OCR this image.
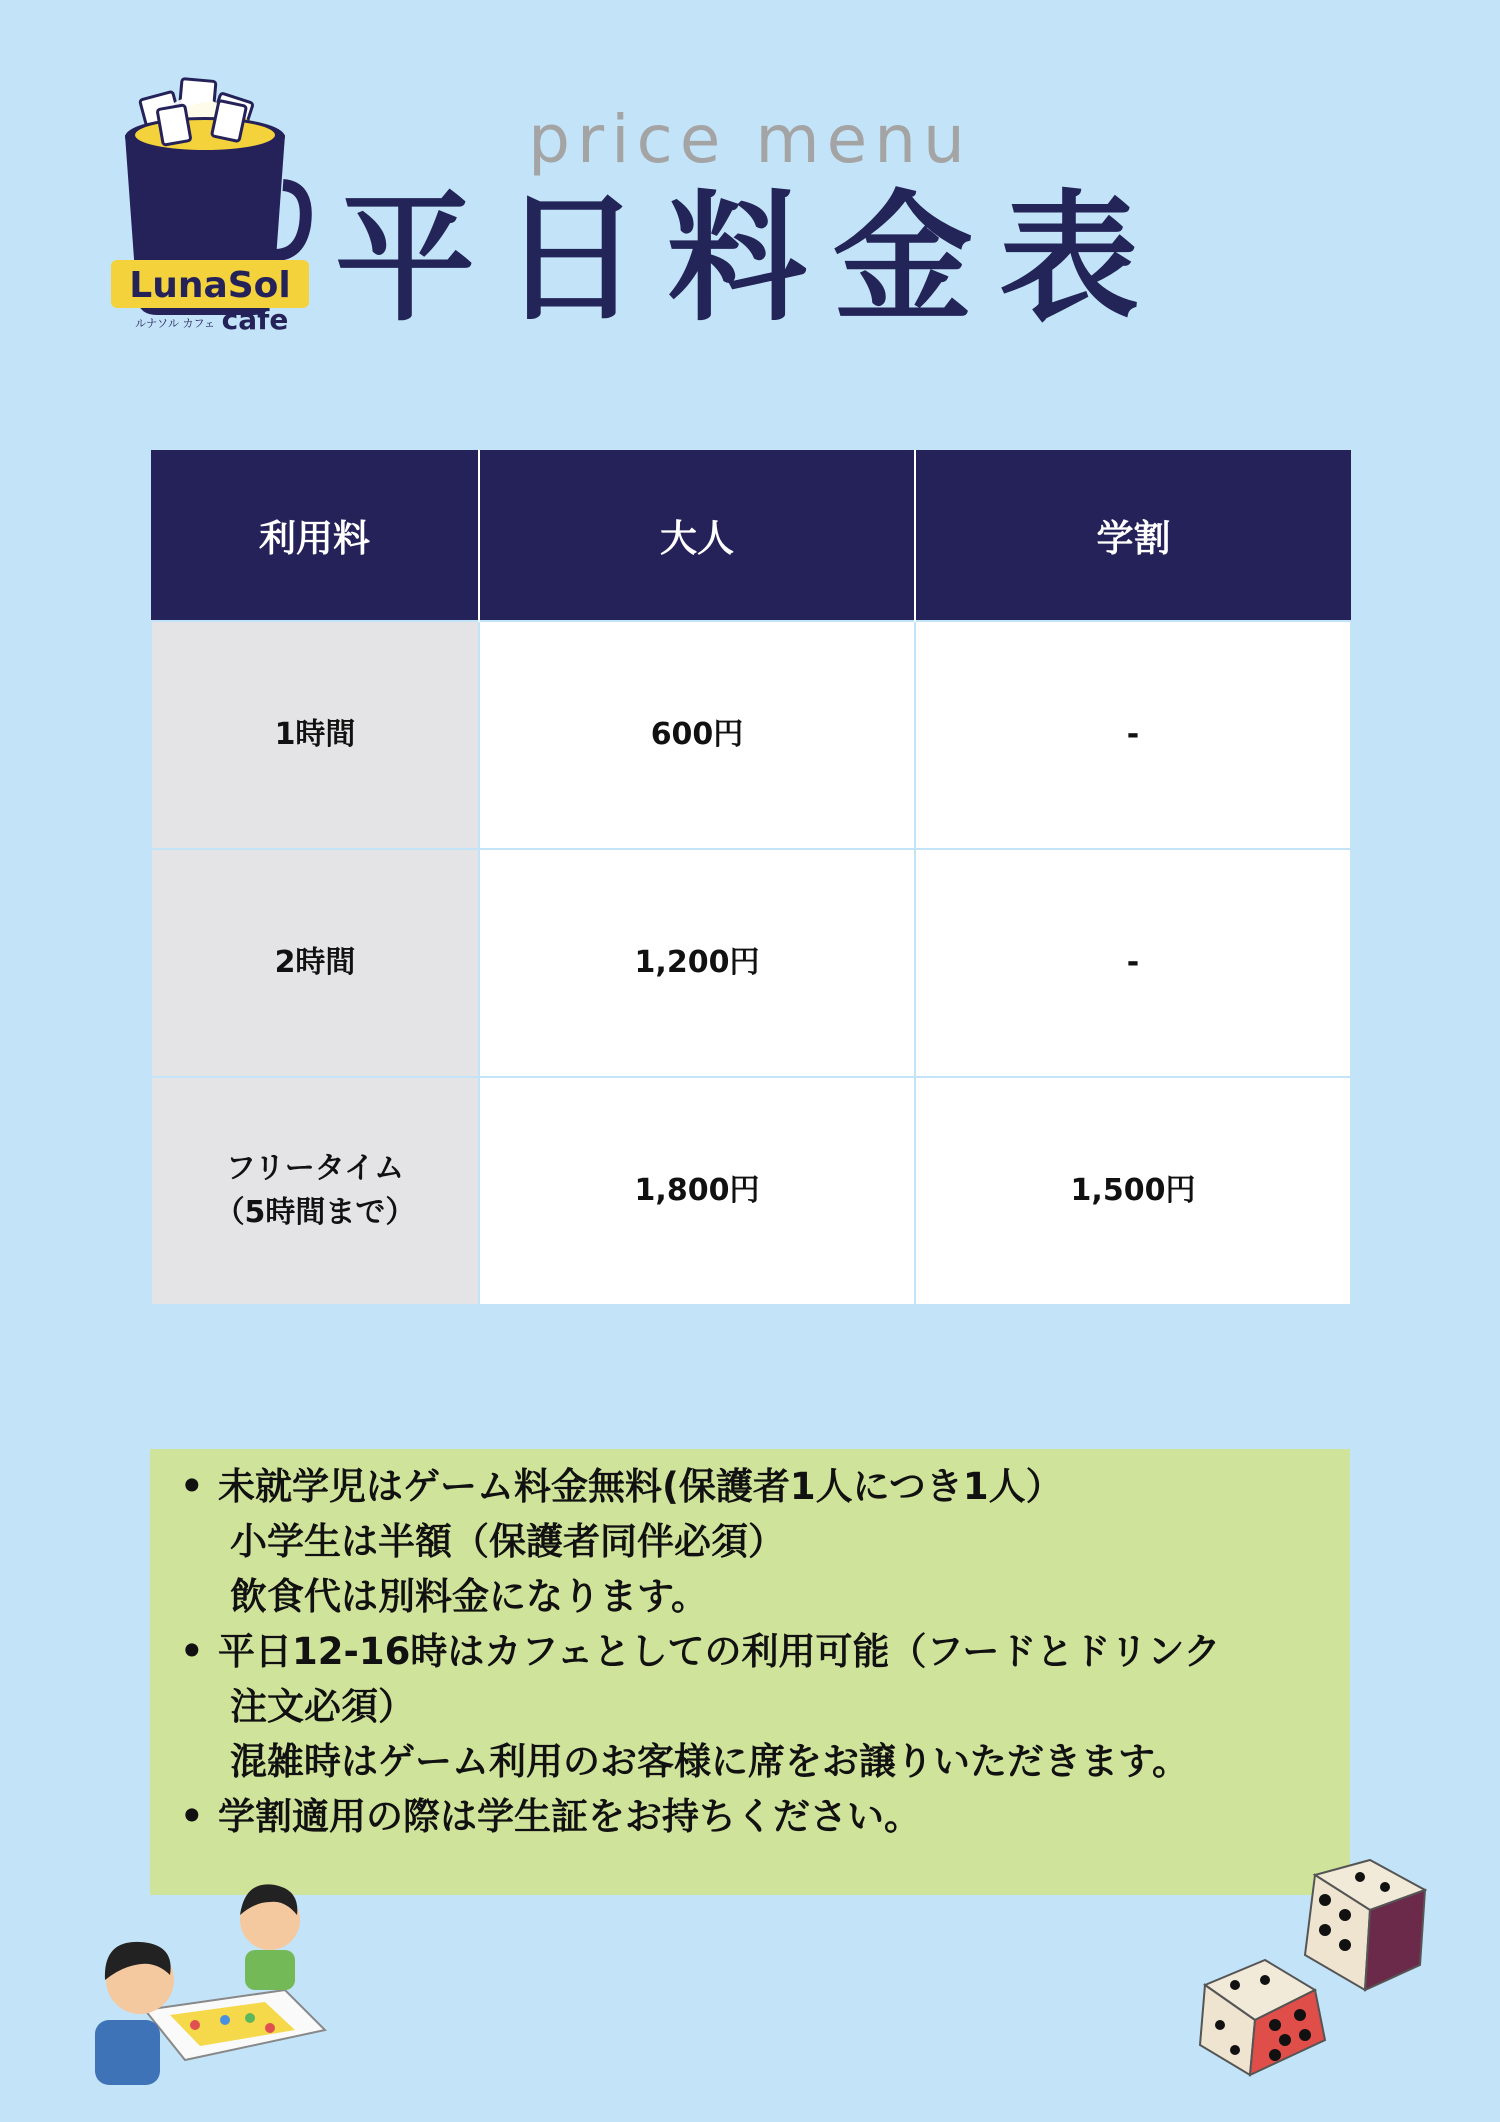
LunaSol
ルナソル カフェ cafe
price menu
平日料金表
利用料	大人	学割
1時間	600円	-
2時間	1,200円	-
フリータイム
（5時間まで）	1,800円	1,500円
• 未就学児はゲーム料金無料(保護者1人につき1人）
小学生は半額（保護者同伴必須）
飲食代は別料金になります。
• 平日12-16時はカフェとしての利用可能（フードとドリンク
注文必須）
混雑時はゲーム利用のお客様に席をお譲りいただきます。
• 学割適用の際は学生証をお持ちください。
